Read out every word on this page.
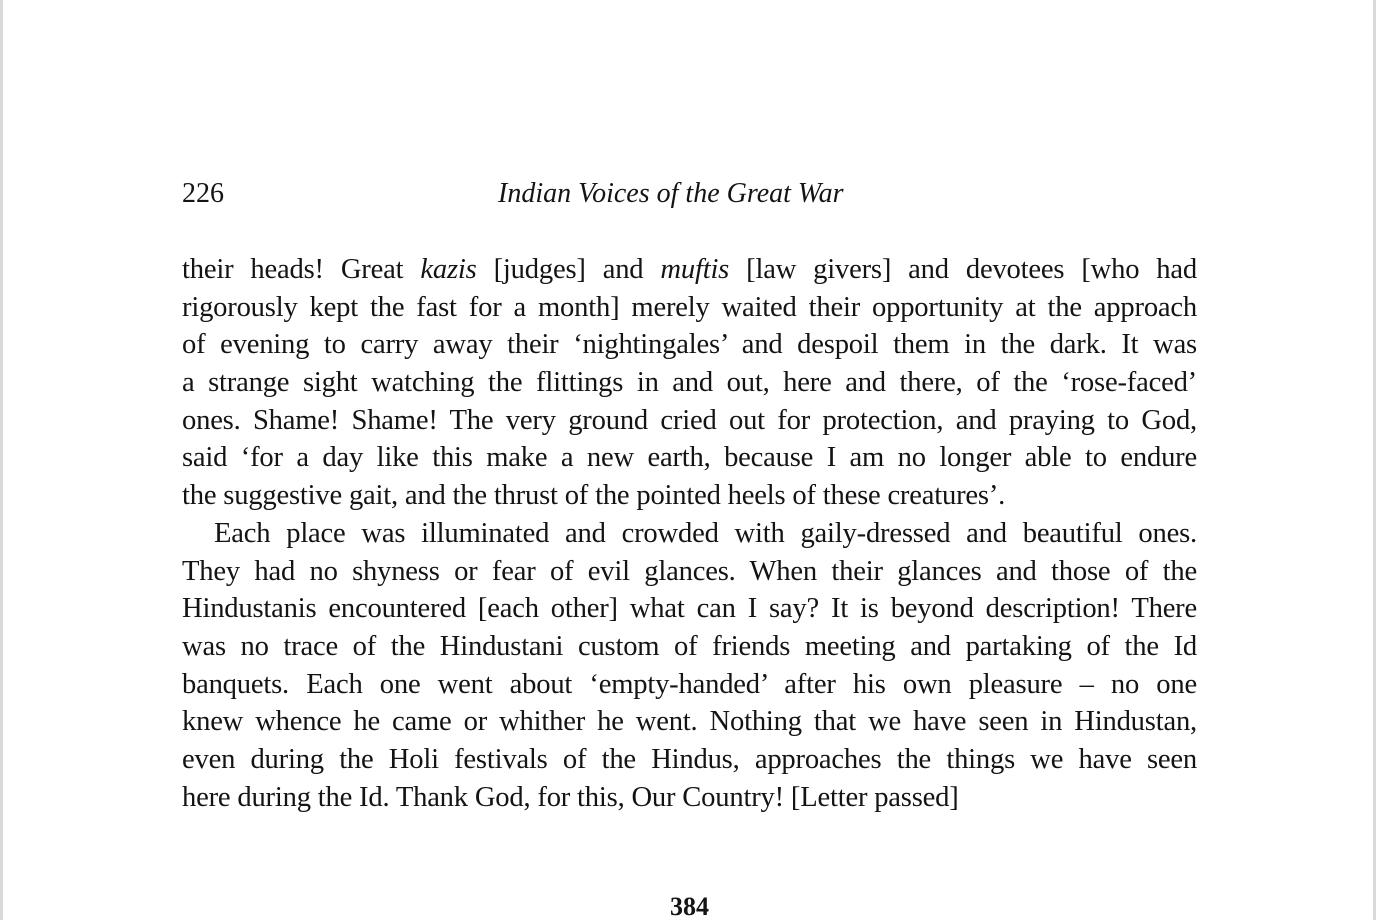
226	Indian Voices of the Great War
their heads! Great kazis [judges] and muftis [law givers] and devotees [who had
rigorously kept the fast for a month] merely waited their opportunity at the approach
of evening to carry away their ‘nightingales’ and despoil them in the dark. It was
a strange sight watching the flittings in and out, here and there, of the ‘rose-faced’
ones. Shame! Shame! The very ground cried out for protection, and praying to God,
said ‘for a day like this make a new earth, because I am no longer able to endure
the suggestive gait, and the thrust of the pointed heels of these creatures’.
Each place was illuminated and crowded with gaily-dressed and beautiful ones.
They had no shyness or fear of evil glances. When their glances and those of the
Hindustanis encountered [each other] what can I say? It is beyond description! There
was no trace of the Hindustani custom of friends meeting and partaking of the Id
banquets. Each one went about ‘empty-handed’ after his own pleasure – no one
knew whence he came or whither he went. Nothing that we have seen in Hindustan,
even during the Holi festivals of the Hindus, approaches the things we have seen
here during the Id. Thank God, for this, Our Country! [Letter passed]
384
